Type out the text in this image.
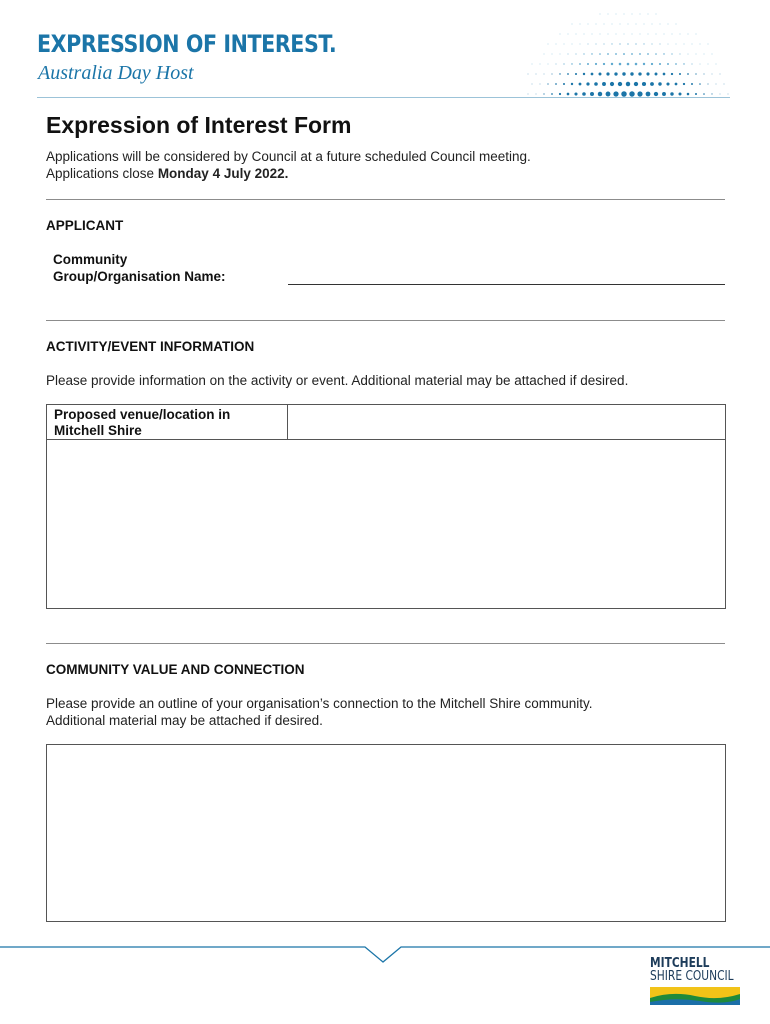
EXPRESSION OF INTEREST.
Australia Day Host
Expression of Interest Form
Applications will be considered by Council at a future scheduled Council meeting.
Applications close Monday 4 July 2022.
APPLICANT
Community
Group/Organisation Name:
ACTIVITY/EVENT INFORMATION
Please provide information on the activity or event. Additional material may be attached if desired.
Proposed venue/location in
Mitchell Shire
COMMUNITY VALUE AND CONNECTION
Please provide an outline of your organisation’s connection to the Mitchell Shire community.
Additional material may be attached if desired.
MITCHELL
SHIRE COUNCIL
